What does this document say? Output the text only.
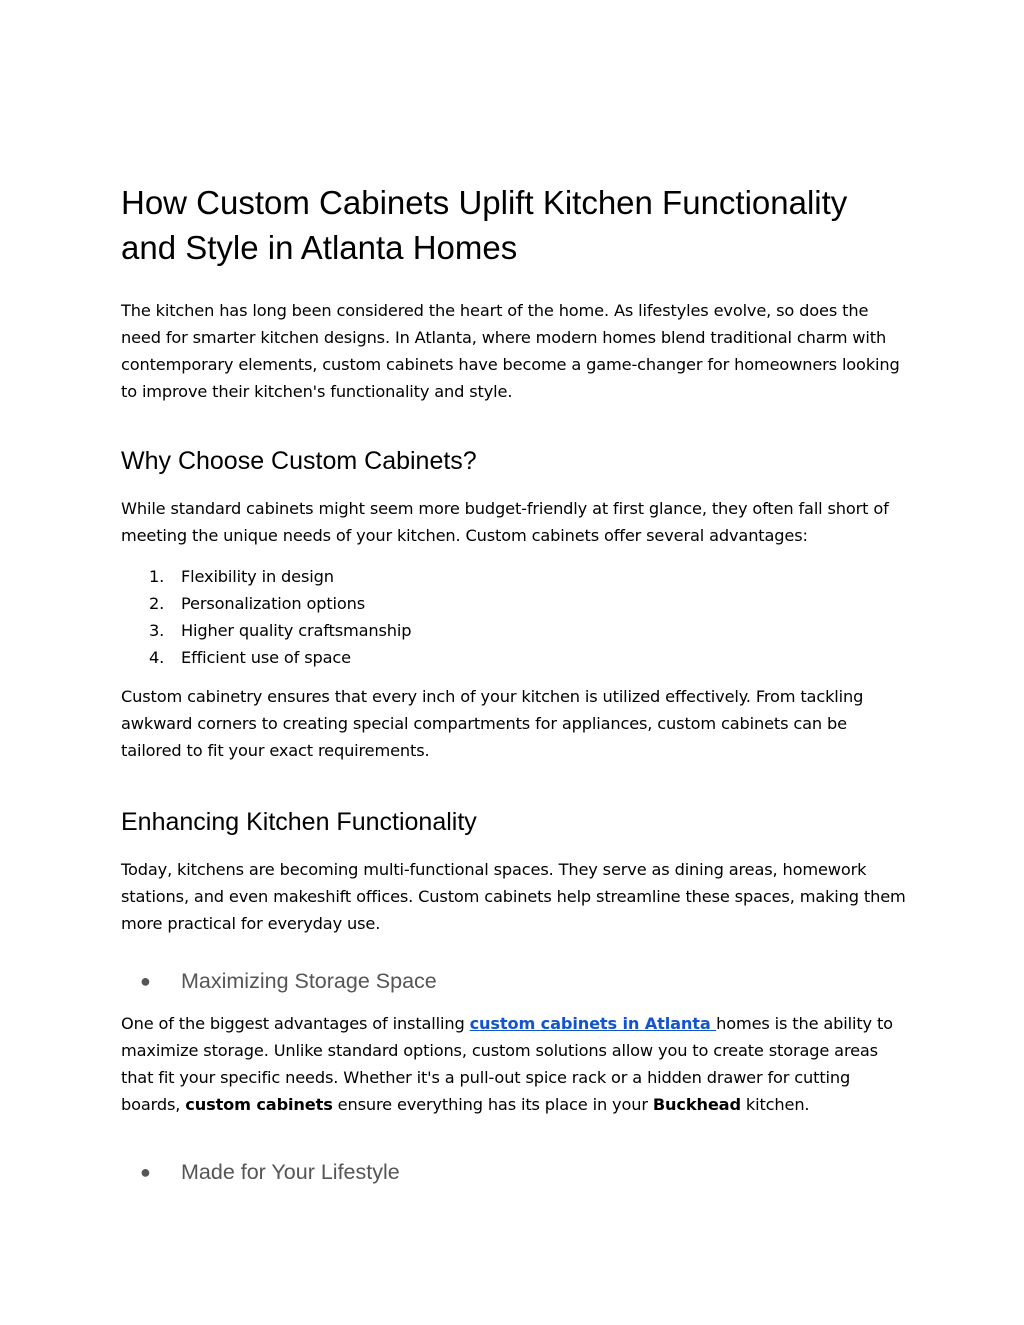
How Custom Cabinets Uplift Kitchen Functionality and Style in Atlanta Homes

The kitchen has long been considered the heart of the home. As lifestyles evolve, so does the need for smarter kitchen designs. In Atlanta, where modern homes blend traditional charm with contemporary elements, custom cabinets have become a game-changer for homeowners looking to improve their kitchen's functionality and style.

Why Choose Custom Cabinets?

While standard cabinets might seem more budget-friendly at first glance, they often fall short of meeting the unique needs of your kitchen. Custom cabinets offer several advantages:

1. Flexibility in design
2. Personalization options
3. Higher quality craftsmanship
4. Efficient use of space

Custom cabinetry ensures that every inch of your kitchen is utilized effectively. From tackling awkward corners to creating special compartments for appliances, custom cabinets can be tailored to fit your exact requirements.

Enhancing Kitchen Functionality

Today, kitchens are becoming multi-functional spaces. They serve as dining areas, homework stations, and even makeshift offices. Custom cabinets help streamline these spaces, making them more practical for everyday use.

● Maximizing Storage Space

One of the biggest advantages of installing custom cabinets in Atlanta homes is the ability to maximize storage. Unlike standard options, custom solutions allow you to create storage areas that fit your specific needs. Whether it's a pull-out spice rack or a hidden drawer for cutting boards, custom cabinets ensure everything has its place in your Buckhead kitchen.

● Made for Your Lifestyle
